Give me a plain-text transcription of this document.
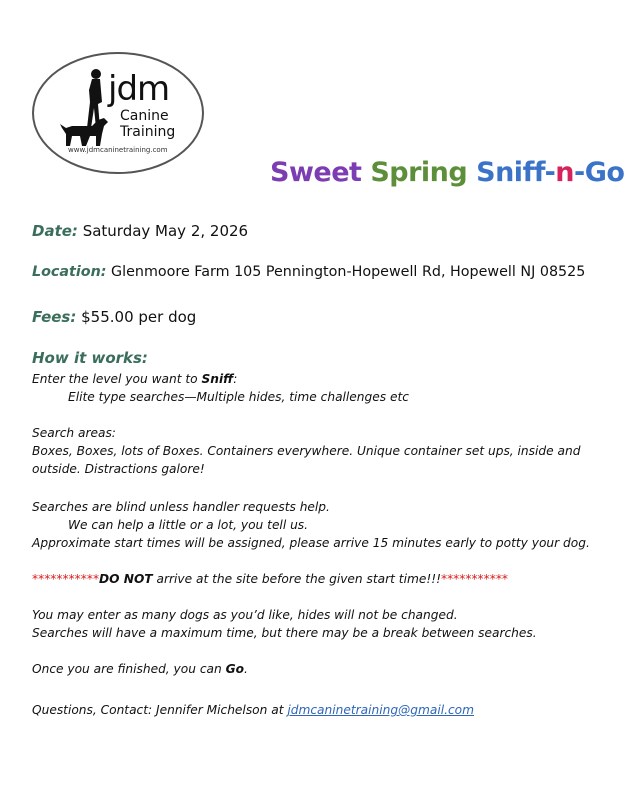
jdm
Canine
Training
www.jdmcaninetraining.com
Sweet Spring Sniff-n-Go
Date: Saturday May 2, 2026
Location: Glenmoore Farm 105 Pennington-Hopewell Rd, Hopewell NJ 08525
Fees: $55.00 per dog
How it works:
Enter the level you want to Sniff:
Elite type searches—Multiple hides, time challenges etc
Search areas:
Boxes, Boxes, lots of Boxes. Containers everywhere. Unique container set ups, inside and
outside. Distractions galore!
Searches are blind unless handler requests help.
We can help a little or a lot, you tell us.
Approximate start times will be assigned, please arrive 15 minutes early to potty your dog.
***********DO NOT arrive at the site before the given start time!!!***********
You may enter as many dogs as you’d like, hides will not be changed.
Searches will have a maximum time, but there may be a break between searches.
Once you are finished, you can Go.
Questions, Contact: Jennifer Michelson at jdmcaninetraining@gmail.com
